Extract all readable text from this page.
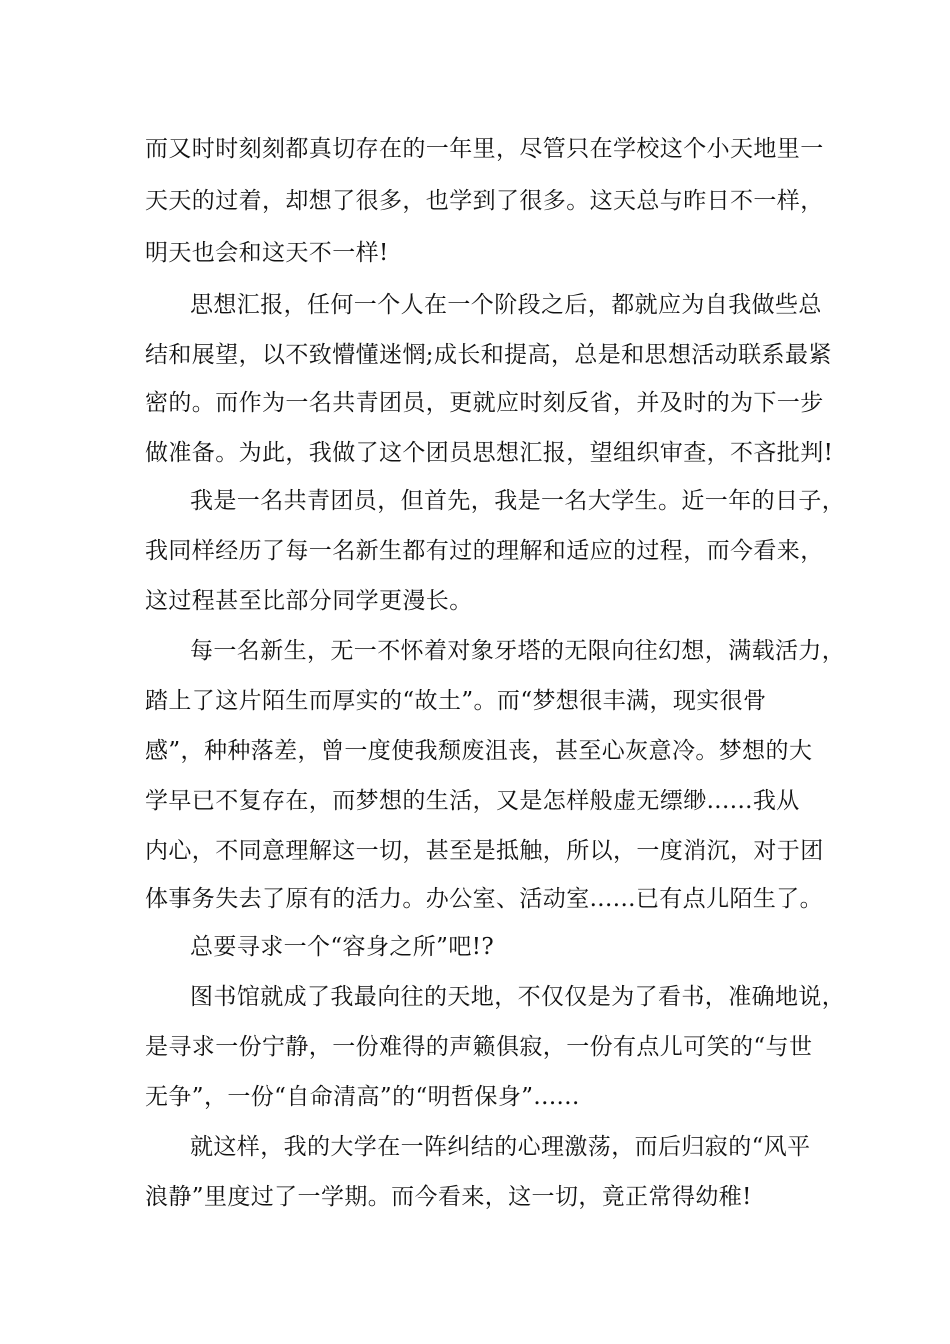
而又时时刻刻都真切存在的一年里，尽管只在学校这个小天地里一
天天的过着，却想了很多，也学到了很多。这天总与昨日不一样，
明天也会和这天不一样!
思想汇报，任何一个人在一个阶段之后，都就应为自我做些总
结和展望，以不致懵懂迷惘;成长和提高，总是和思想活动联系最紧
密的。而作为一名共青团员，更就应时刻反省，并及时的为下一步
做准备。为此，我做了这个团员思想汇报，望组织审查，不吝批判!
我是一名共青团员，但首先，我是一名大学生。近一年的日子，
我同样经历了每一名新生都有过的理解和适应的过程，而今看来，
这过程甚至比部分同学更漫长。
每一名新生，无一不怀着对象牙塔的无限向往幻想，满载活力，
踏上了这片陌生而厚实的“故土”。而“梦想很丰满，现实很骨
感”，种种落差，曾一度使我颓废沮丧，甚至心灰意冷。梦想的大
学早已不复存在，而梦想的生活，又是怎样般虚无缥缈......我从
内心，不同意理解这一切，甚至是抵触，所以，一度消沉，对于团
体事务失去了原有的活力。办公室、活动室......已有点儿陌生了。
总要寻求一个“容身之所”吧!?
图书馆就成了我最向往的天地，不仅仅是为了看书，准确地说，
是寻求一份宁静，一份难得的声籁俱寂，一份有点儿可笑的“与世
无争”，一份“自命清高”的“明哲保身”......
就这样，我的大学在一阵纠结的心理激荡，而后归寂的“风平
浪静”里度过了一学期。而今看来，这一切，竟正常得幼稚!
